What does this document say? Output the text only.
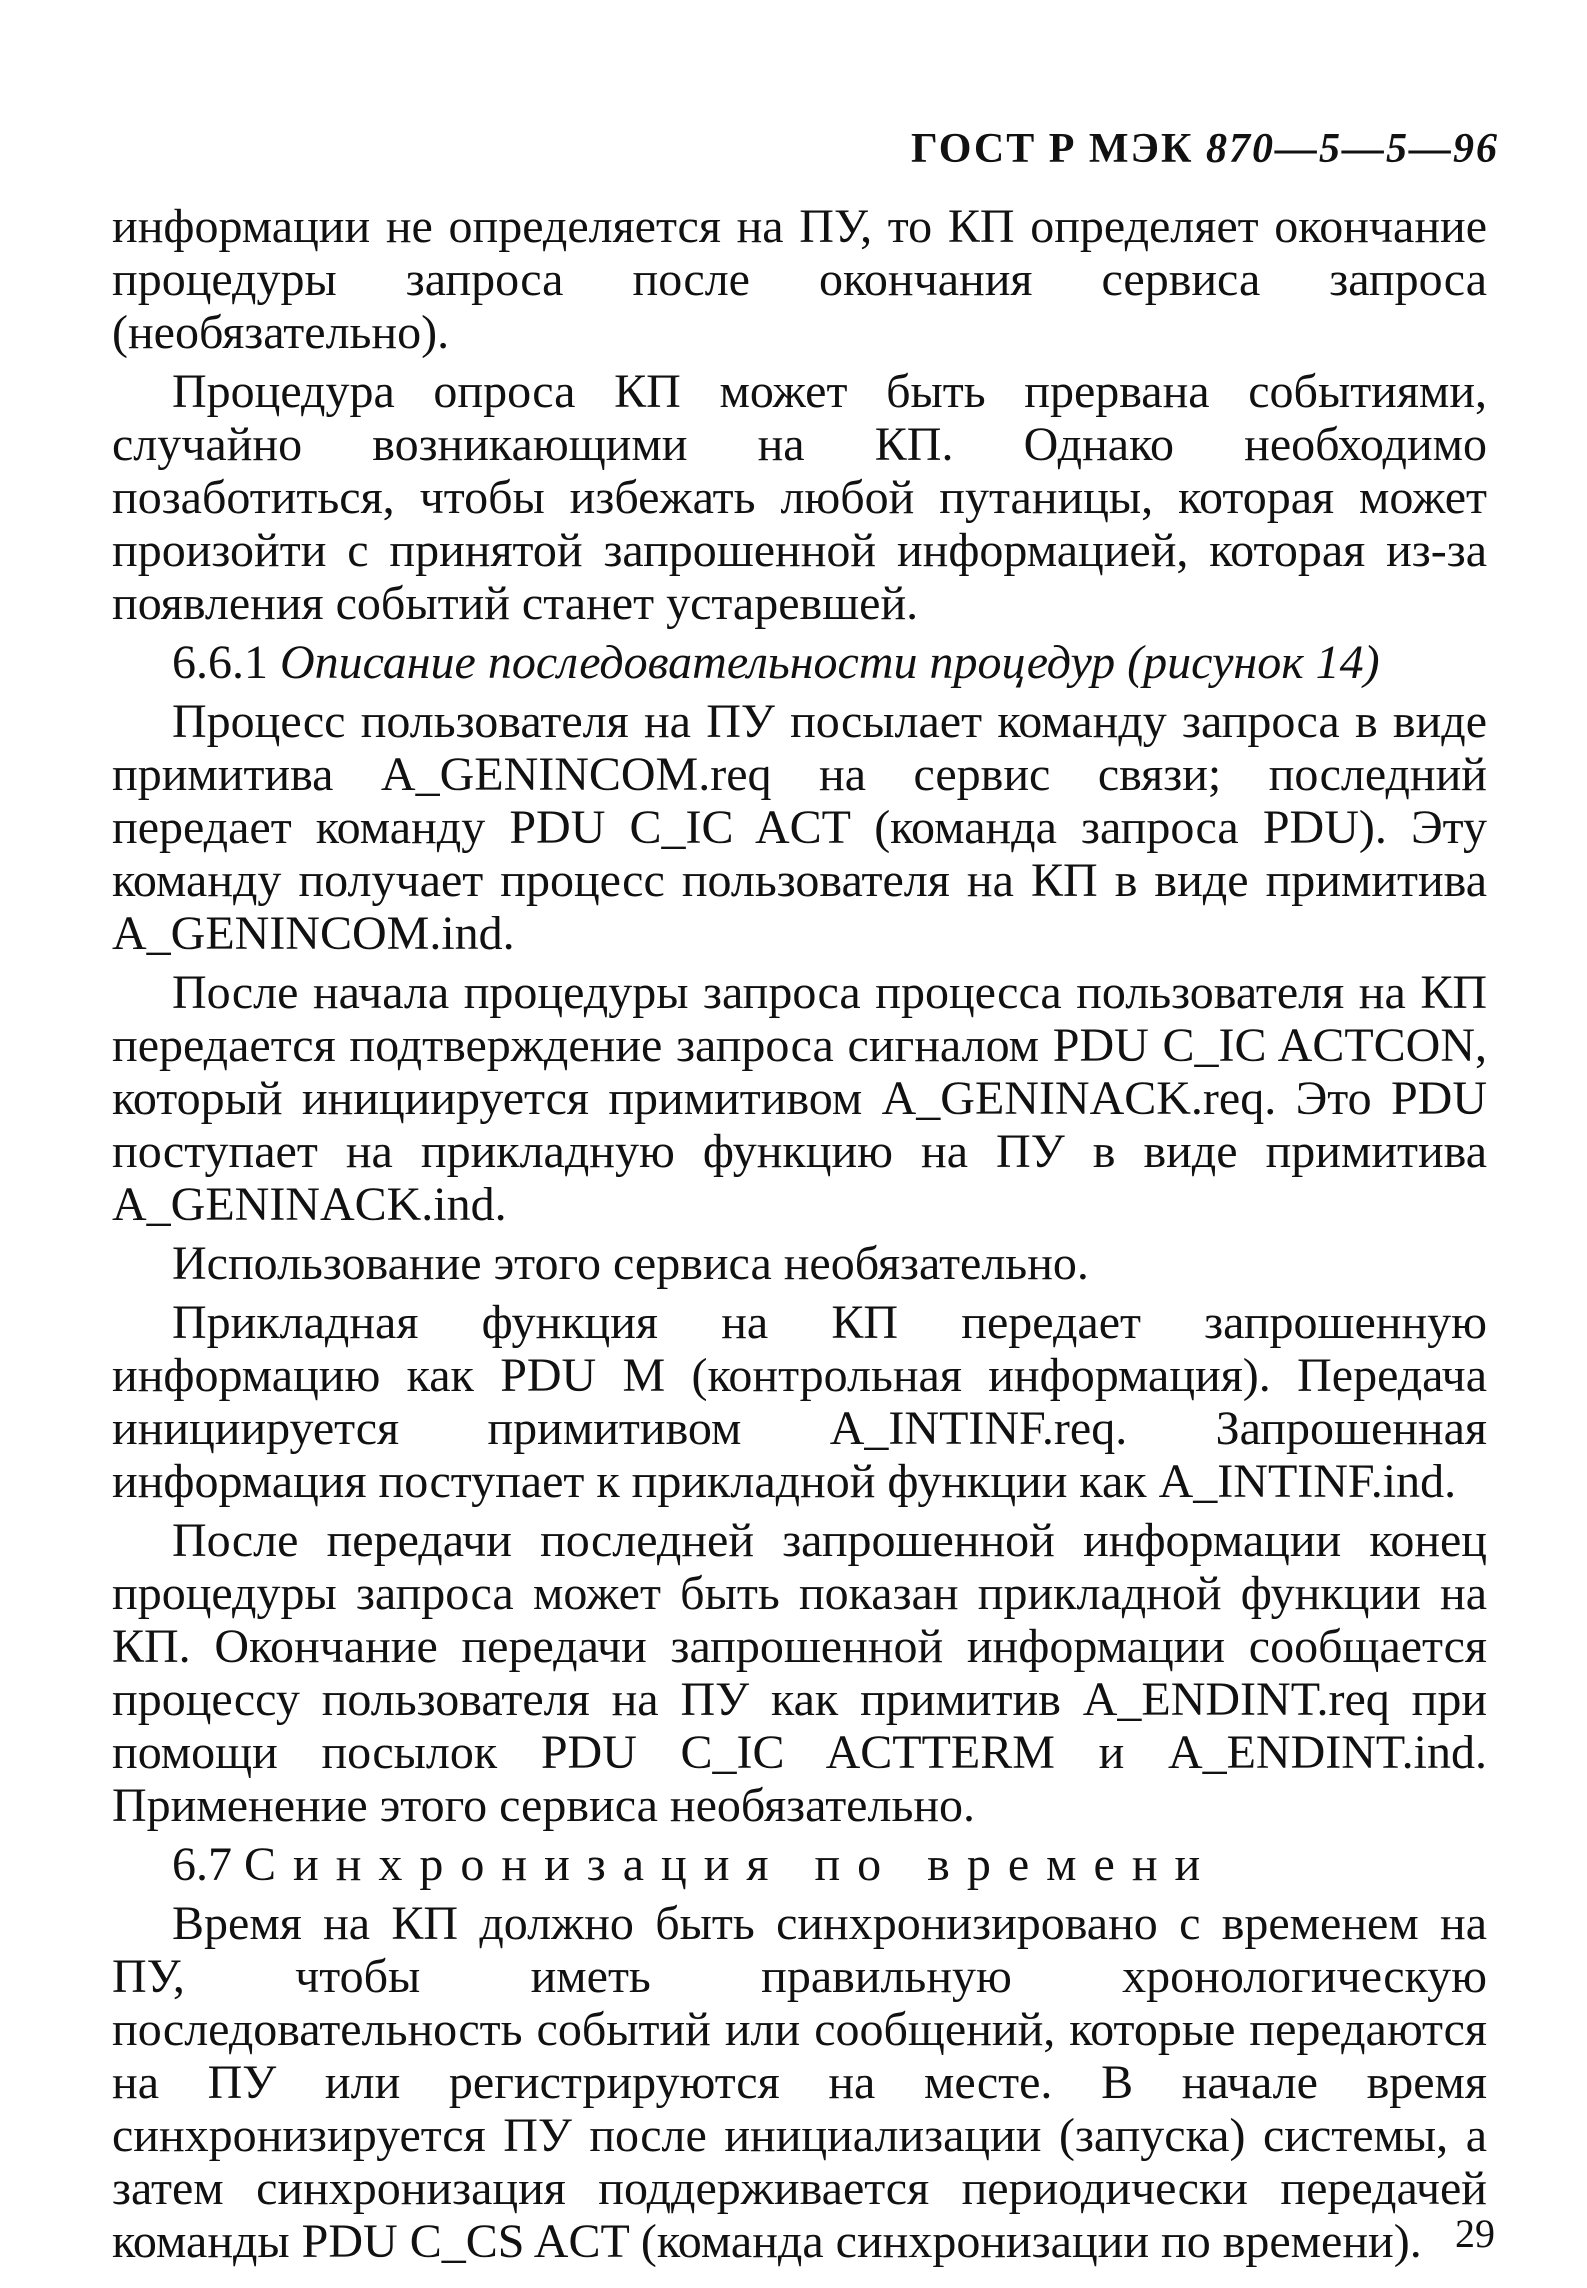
ГОСТ Р МЭК 870—5—5—96

информации не определяется на ПУ, то КП определяет окончание процедуры запроса после окончания сервиса запроса (необязательно).

Процедура опроса КП может быть прервана событиями, случайно возникающими на КП. Однако необходимо позаботиться, чтобы избежать любой путаницы, которая может произойти с принятой запрошенной информацией, которая из-за появления событий станет устаревшей.

6.6.1 Описание последовательности процедур (рисунок 14)

Процесс пользователя на ПУ посылает команду запроса в виде примитива A_GENINCOM.req на сервис связи; последний передает команду PDU C_IC ACT (команда запроса PDU). Эту команду получает процесс пользователя на КП в виде примитива A_GENINCOM.ind.

После начала процедуры запроса процесса пользователя на КП передается подтверждение запроса сигналом PDU C_IC ACTCON, который инициируется примитивом A_GENINACK.req. Это PDU поступает на прикладную функцию на ПУ в виде примитива A_GENINACK.ind.

Использование этого сервиса необязательно.

Прикладная функция на КП передает запрошенную информацию как PDU M (контрольная информация). Передача инициируется примитивом A_INTINF.req. Запрошенная информация поступает к прикладной функции как A_INTINF.ind.

После передачи последней запрошенной информации конец процедуры запроса может быть показан прикладной функции на КП. Окончание передачи запрошенной информации сообщается процессу пользователя на ПУ как примитив A_ENDINT.req при помощи посылок PDU C_IC ACTTERM и A_ENDINT.ind. Применение этого сервиса необязательно.

6.7 Синхронизация по времени

Время на КП должно быть синхронизировано с временем на ПУ, чтобы иметь правильную хронологическую последовательность событий или сообщений, которые передаются на ПУ или регистрируются на месте. В начале время синхронизируется ПУ после инициализации (запуска) системы, а затем синхронизация поддерживается периодически передачей команды PDU C_CS ACT (команда синхронизации по времени). 29
